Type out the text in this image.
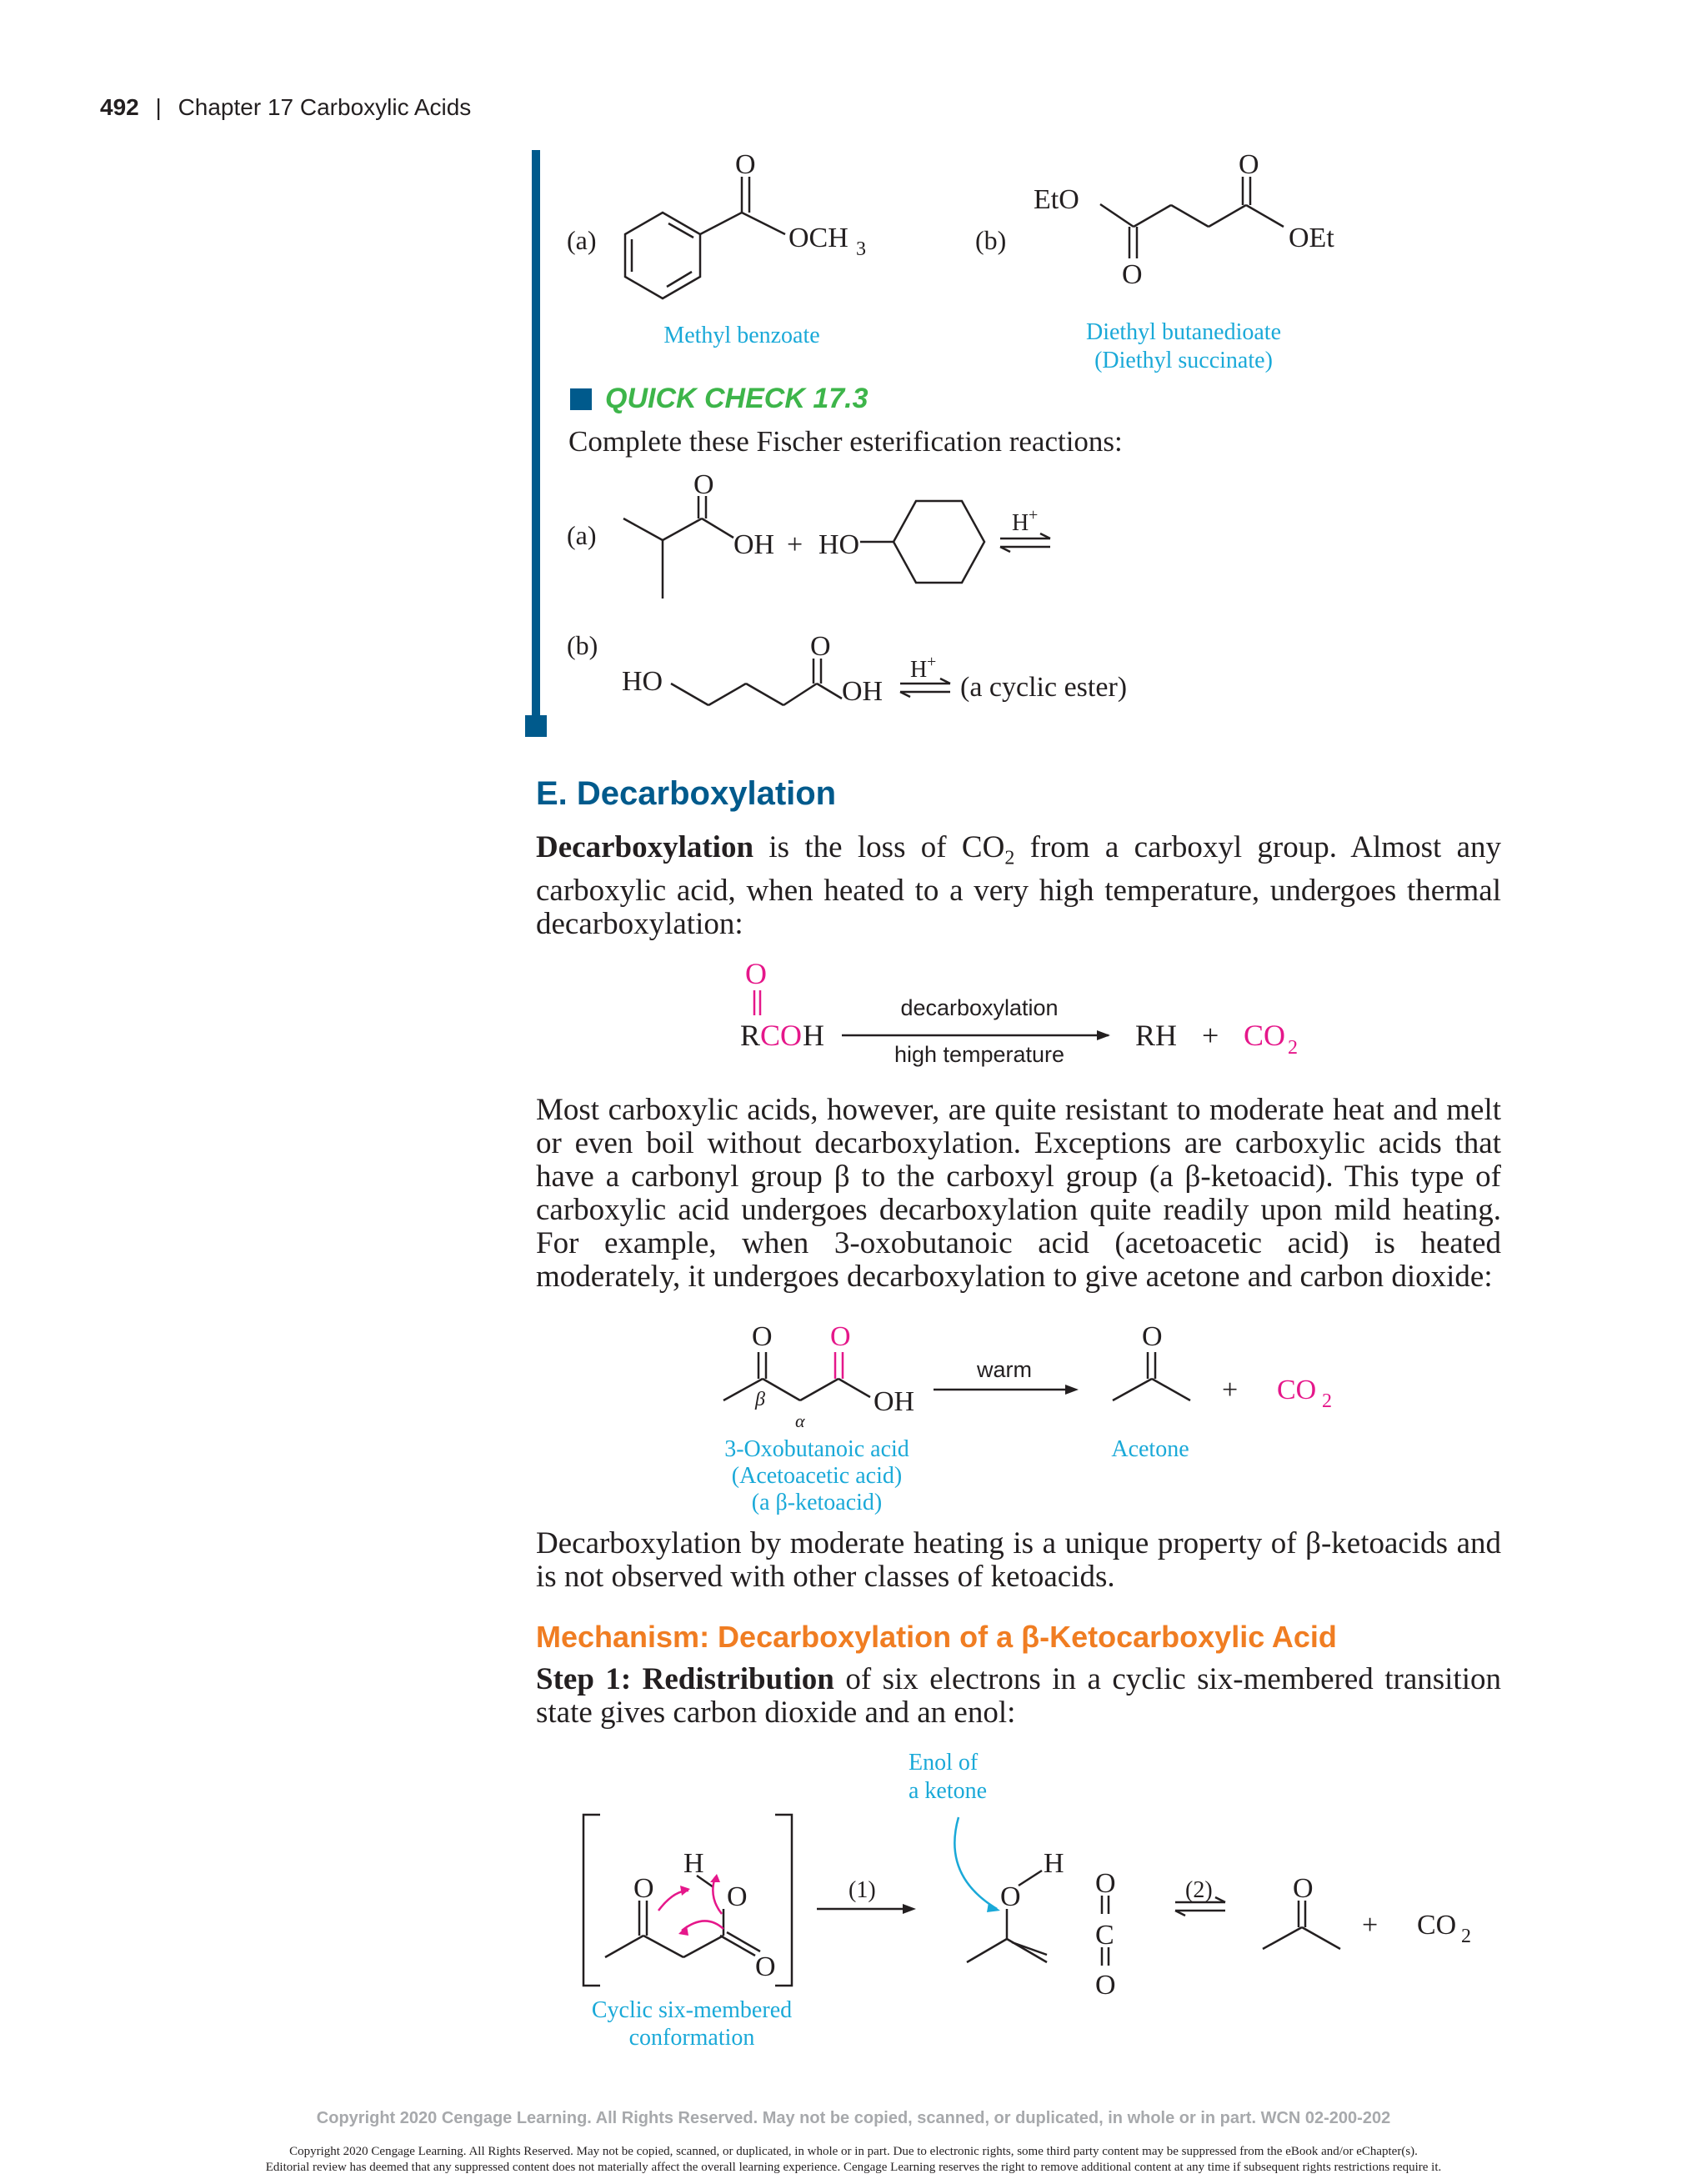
492 | Chapter 17 Carboxylic Acids
(a)	(b)
O
OCH 3
EtO
O
O
OEt
Methyl benzoate	Diethyl butanedioate
(Diethyl succinate)
QUICK CHECK 17.3
Complete these Fischer esterification reactions:
(a)
(b)
O
OH + HO
H +
O
HO	OH
H +
(a cyclic ester)
E. Decarboxylation
Decarboxylation is the loss of $CO_2$ from a carboxyl group. Almost any carboxylic acid, when heated to a very high temperature, undergoes thermal decarboxylation:
O
R CO H	RH + CO 2
decarboxylation
high temperature
Most carboxylic acids, however, are quite resistant to moderate heat and melt or even boil without decarboxylation. Exceptions are carboxylic acids that have a carbonyl group β to the carboxyl group (a β-ketoacid). This type of carboxylic acid undergoes decarboxylation quite readily upon mild heating. For example, when 3-oxobutanoic acid (acetoacetic acid) is heated moderately, it undergoes decarboxylation to give acetone and carbon dioxide:
O O
OH
β
α
O
+ CO 2
warm
3-Oxobutanoic acid
(Acetoacetic acid)
(a β-ketoacid)
Acetone
Decarboxylation by moderate heating is a unique property of β-ketoacids and is not observed with other classes of ketoacids.
Mechanism: Decarboxylation of a β-Ketocarboxylic Acid
Step 1: Redistribution of six electrons in a cyclic six-membered transition state gives carbon dioxide and an enol:
Enol of
a ketone
H
O	O
O
O
H
O
C
O
O
+ CO 2
(1)	(2)
Cyclic six-membered
conformation
Copyright 2020 Cengage Learning. All Rights Reserved. May not be copied, scanned, or duplicated, in whole or in part. WCN 02-200-202
Copyright 2020 Cengage Learning. All Rights Reserved. May not be copied, scanned, or duplicated, in whole or in part. Due to electronic rights, some third party content may be suppressed from the eBook and/or eChapter(s).
Editorial review has deemed that any suppressed content does not materially affect the overall learning experience. Cengage Learning reserves the right to remove additional content at any time if subsequent rights restrictions require it.
